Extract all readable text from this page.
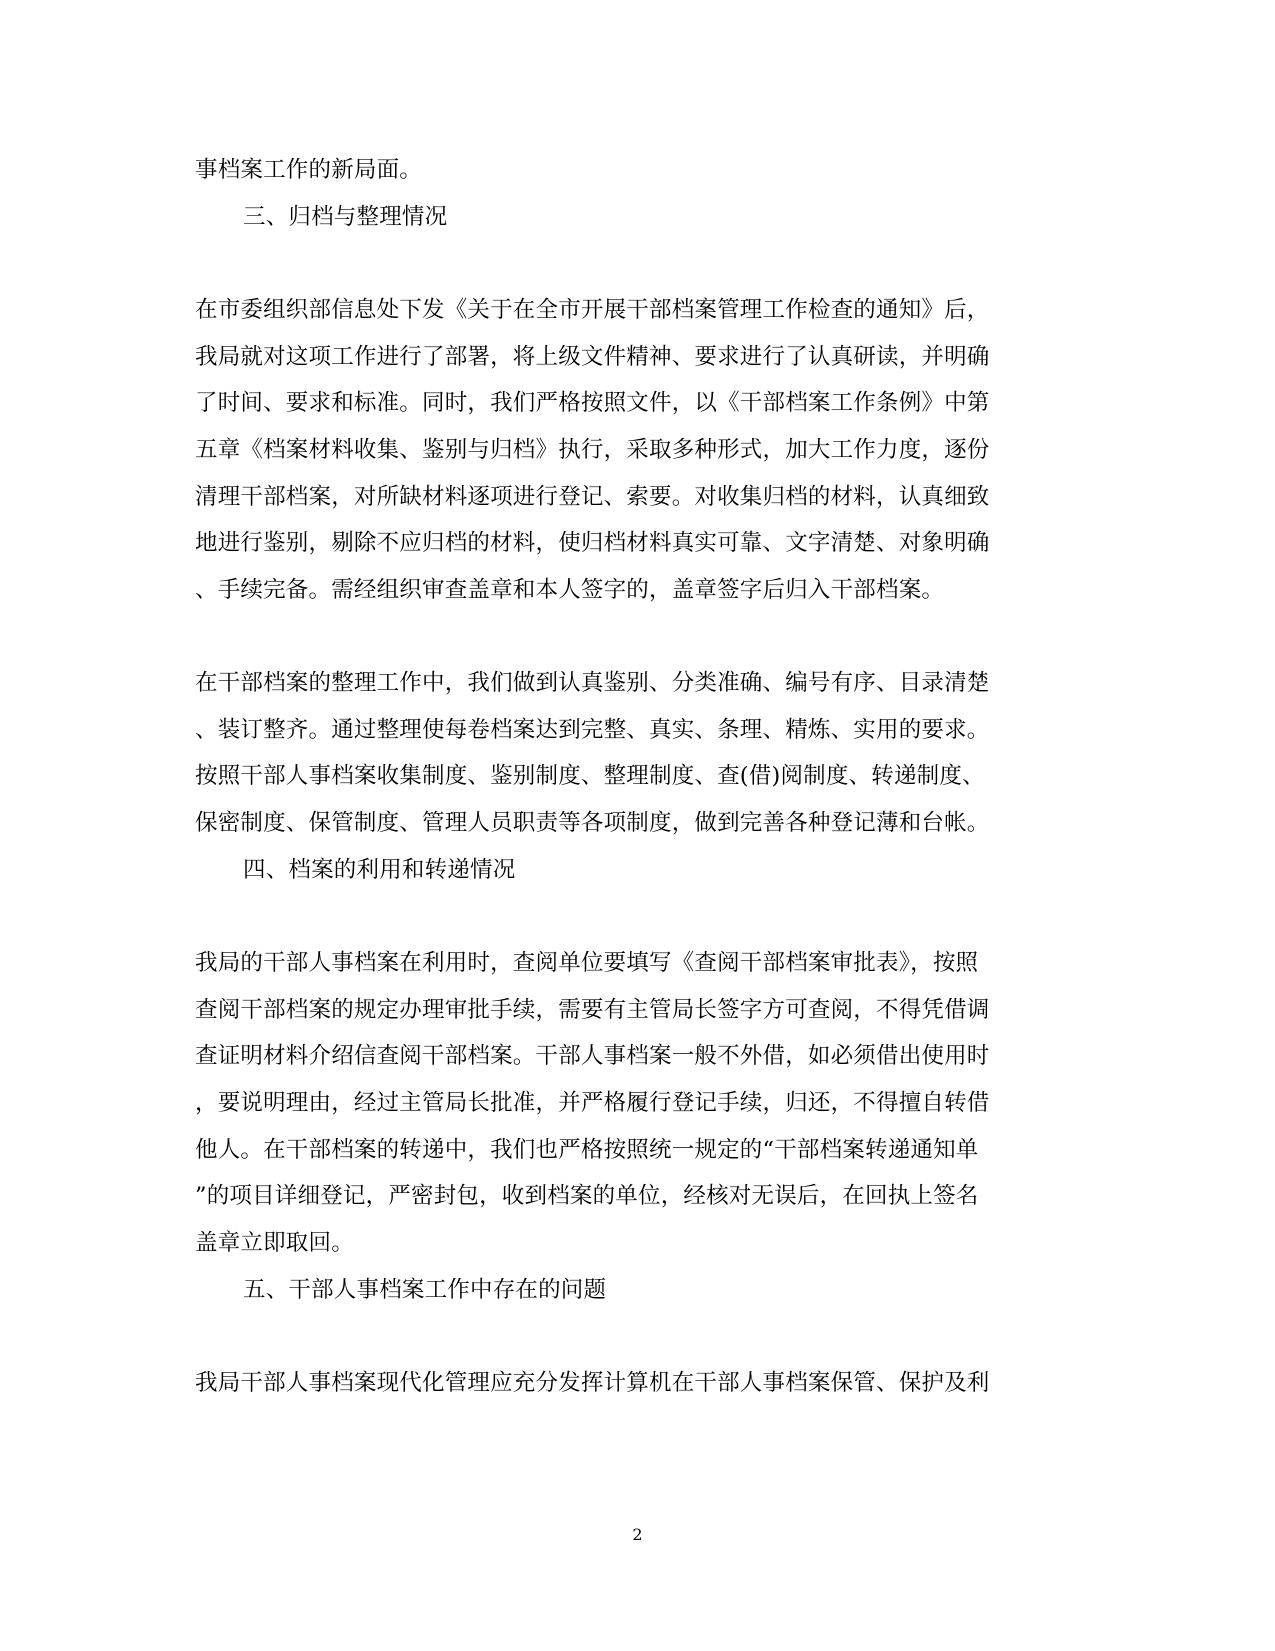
事档案工作的新局面。
三、归档与整理情况
在市委组织部信息处下发《关于在全市开展干部档案管理工作检查的通知》后，
我局就对这项工作进行了部署，将上级文件精神、要求进行了认真研读，并明确
了时间、要求和标准。同时，我们严格按照文件，以《干部档案工作条例》中第
五章《档案材料收集、鉴别与归档》执行，采取多种形式，加大工作力度，逐份
清理干部档案，对所缺材料逐项进行登记、索要。对收集归档的材料，认真细致
地进行鉴别，剔除不应归档的材料，使归档材料真实可靠、文字清楚、对象明确
、手续完备。需经组织审查盖章和本人签字的，盖章签字后归入干部档案。
在干部档案的整理工作中，我们做到认真鉴别、分类准确、编号有序、目录清楚
、装订整齐。通过整理使每卷档案达到完整、真实、条理、精炼、实用的要求。
按照干部人事档案收集制度、鉴别制度、整理制度、查(借)阅制度、转递制度、
保密制度、保管制度、管理人员职责等各项制度，做到完善各种登记薄和台帐。
四、档案的利用和转递情况
我局的干部人事档案在利用时，查阅单位要填写《查阅干部档案审批表》，按照
查阅干部档案的规定办理审批手续，需要有主管局长签字方可查阅，不得凭借调
查证明材料介绍信查阅干部档案。干部人事档案一般不外借，如必须借出使用时
，要说明理由，经过主管局长批准，并严格履行登记手续，归还，不得擅自转借
他人。在干部档案的转递中，我们也严格按照统一规定的“干部档案转递通知单
”的项目详细登记，严密封包，收到档案的单位，经核对无误后，在回执上签名
盖章立即取回。
五、干部人事档案工作中存在的问题
我局干部人事档案现代化管理应充分发挥计算机在干部人事档案保管、保护及利
2
